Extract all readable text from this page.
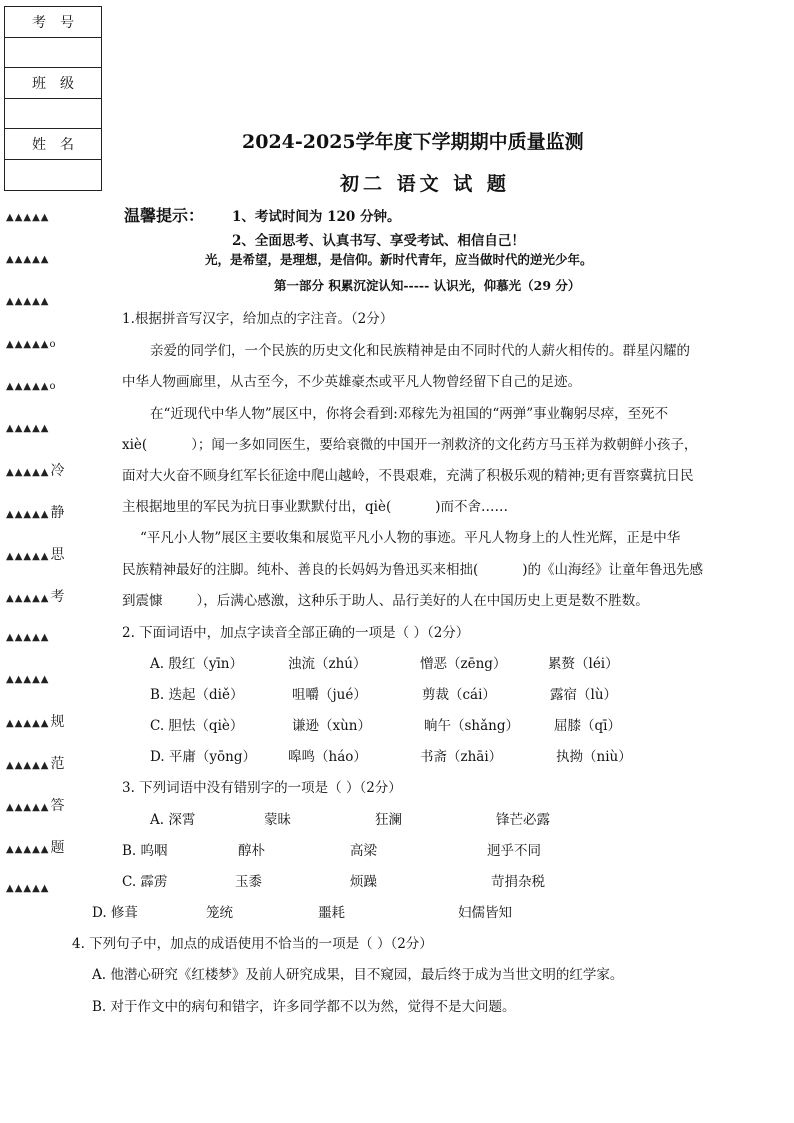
考号
班级
姓名
▲▲▲▲▲
▲▲▲▲▲
▲▲▲▲▲
▲▲▲▲▲o
▲▲▲▲▲o
▲▲▲▲▲
▲▲▲▲▲冷
▲▲▲▲▲静
▲▲▲▲▲思
▲▲▲▲▲考
▲▲▲▲▲
▲▲▲▲▲
▲▲▲▲▲规
▲▲▲▲▲范
▲▲▲▲▲答
▲▲▲▲▲题
▲▲▲▲▲
2024-2025学年度下学期期中质量监测
初二 语文 试 题
温馨提示： 1、考试时间为 120 分钟。
2、全面思考、认真书写、享受考试、相信自己！
光，是希望，是理想，是信仰。新时代青年，应当做时代的逆光少年。
第一部分 积累沉淀认知----- 认识光，仰慕光（29 分）
1.根据拼音写汉字，给加点的字注音。（2分）
亲爱的同学们，一个民族的历史文化和民族精神是由不同时代的人薪火相传的。群星闪耀的
中华人物画廊里，从古至今，不少英雄豪杰或平凡人物曾经留下自己的足迹。
在“近现代中华人物”展区中，你将会看到:邓稼先为祖国的“两弹”事业鞠躬尽瘁，至死不
xiè(	）；闻一多如同医生，要给衰微的中国开一剂救济的文化药方马玉祥为救朝鲜小孩子，
面对大火奋不顾身红军长征途中爬山越岭，不畏艰难，充满了积极乐观的精神;更有晋察冀抗日民
主根据地里的军民为抗日事业默默付出，qiè(	)而不舍……
“平凡小人物”展区主要收集和展览平凡小人物的事迹。平凡人物身上的人性光辉，正是中华
民族精神最好的注脚。纯朴、善良的长妈妈为鲁迅买来相拙(	)的《山海经》让童年鲁迅先感
到震慷	），后满心感激，这种乐于助人、品行美好的人在中国历史上更是数不胜数。
2. 下面词语中，加点字读音全部正确的一项是（ ）（2分）
A. 殷红（yīn）	浊流（zhú）	憎恶（zēng）	累赘（léi）
B. 迭起（diě）	咀嚼（jué）	剪裁（cái）	露宿（lù）
C. 胆怯（qiè）	谦逊（xùn）	晌午（shǎng）	屈膝（qī）
D. 平庸（yōng） 嗥鸣（háo）	书斋（zhāi）	执拗（niù）
3. 下列词语中没有错别字的一项是（ ）（2分）
A. 深霄	蒙昧	狂澜	锋芒必露
B. 呜咽	醇朴	高梁	迥乎不同
C. 霹雳	玉黍	烦躁	苛捐杂税
D. 修葺	笼统	噩耗	妇儒皆知
4. 下列句子中，加点的成语使用不恰当的一项是（ ）（2分）
A. 他潜心研究《红楼梦》及前人研究成果，目不窥园，最后终于成为当世文明的红学家。
B. 对于作文中的病句和错字，许多同学都不以为然，觉得不是大问题。
